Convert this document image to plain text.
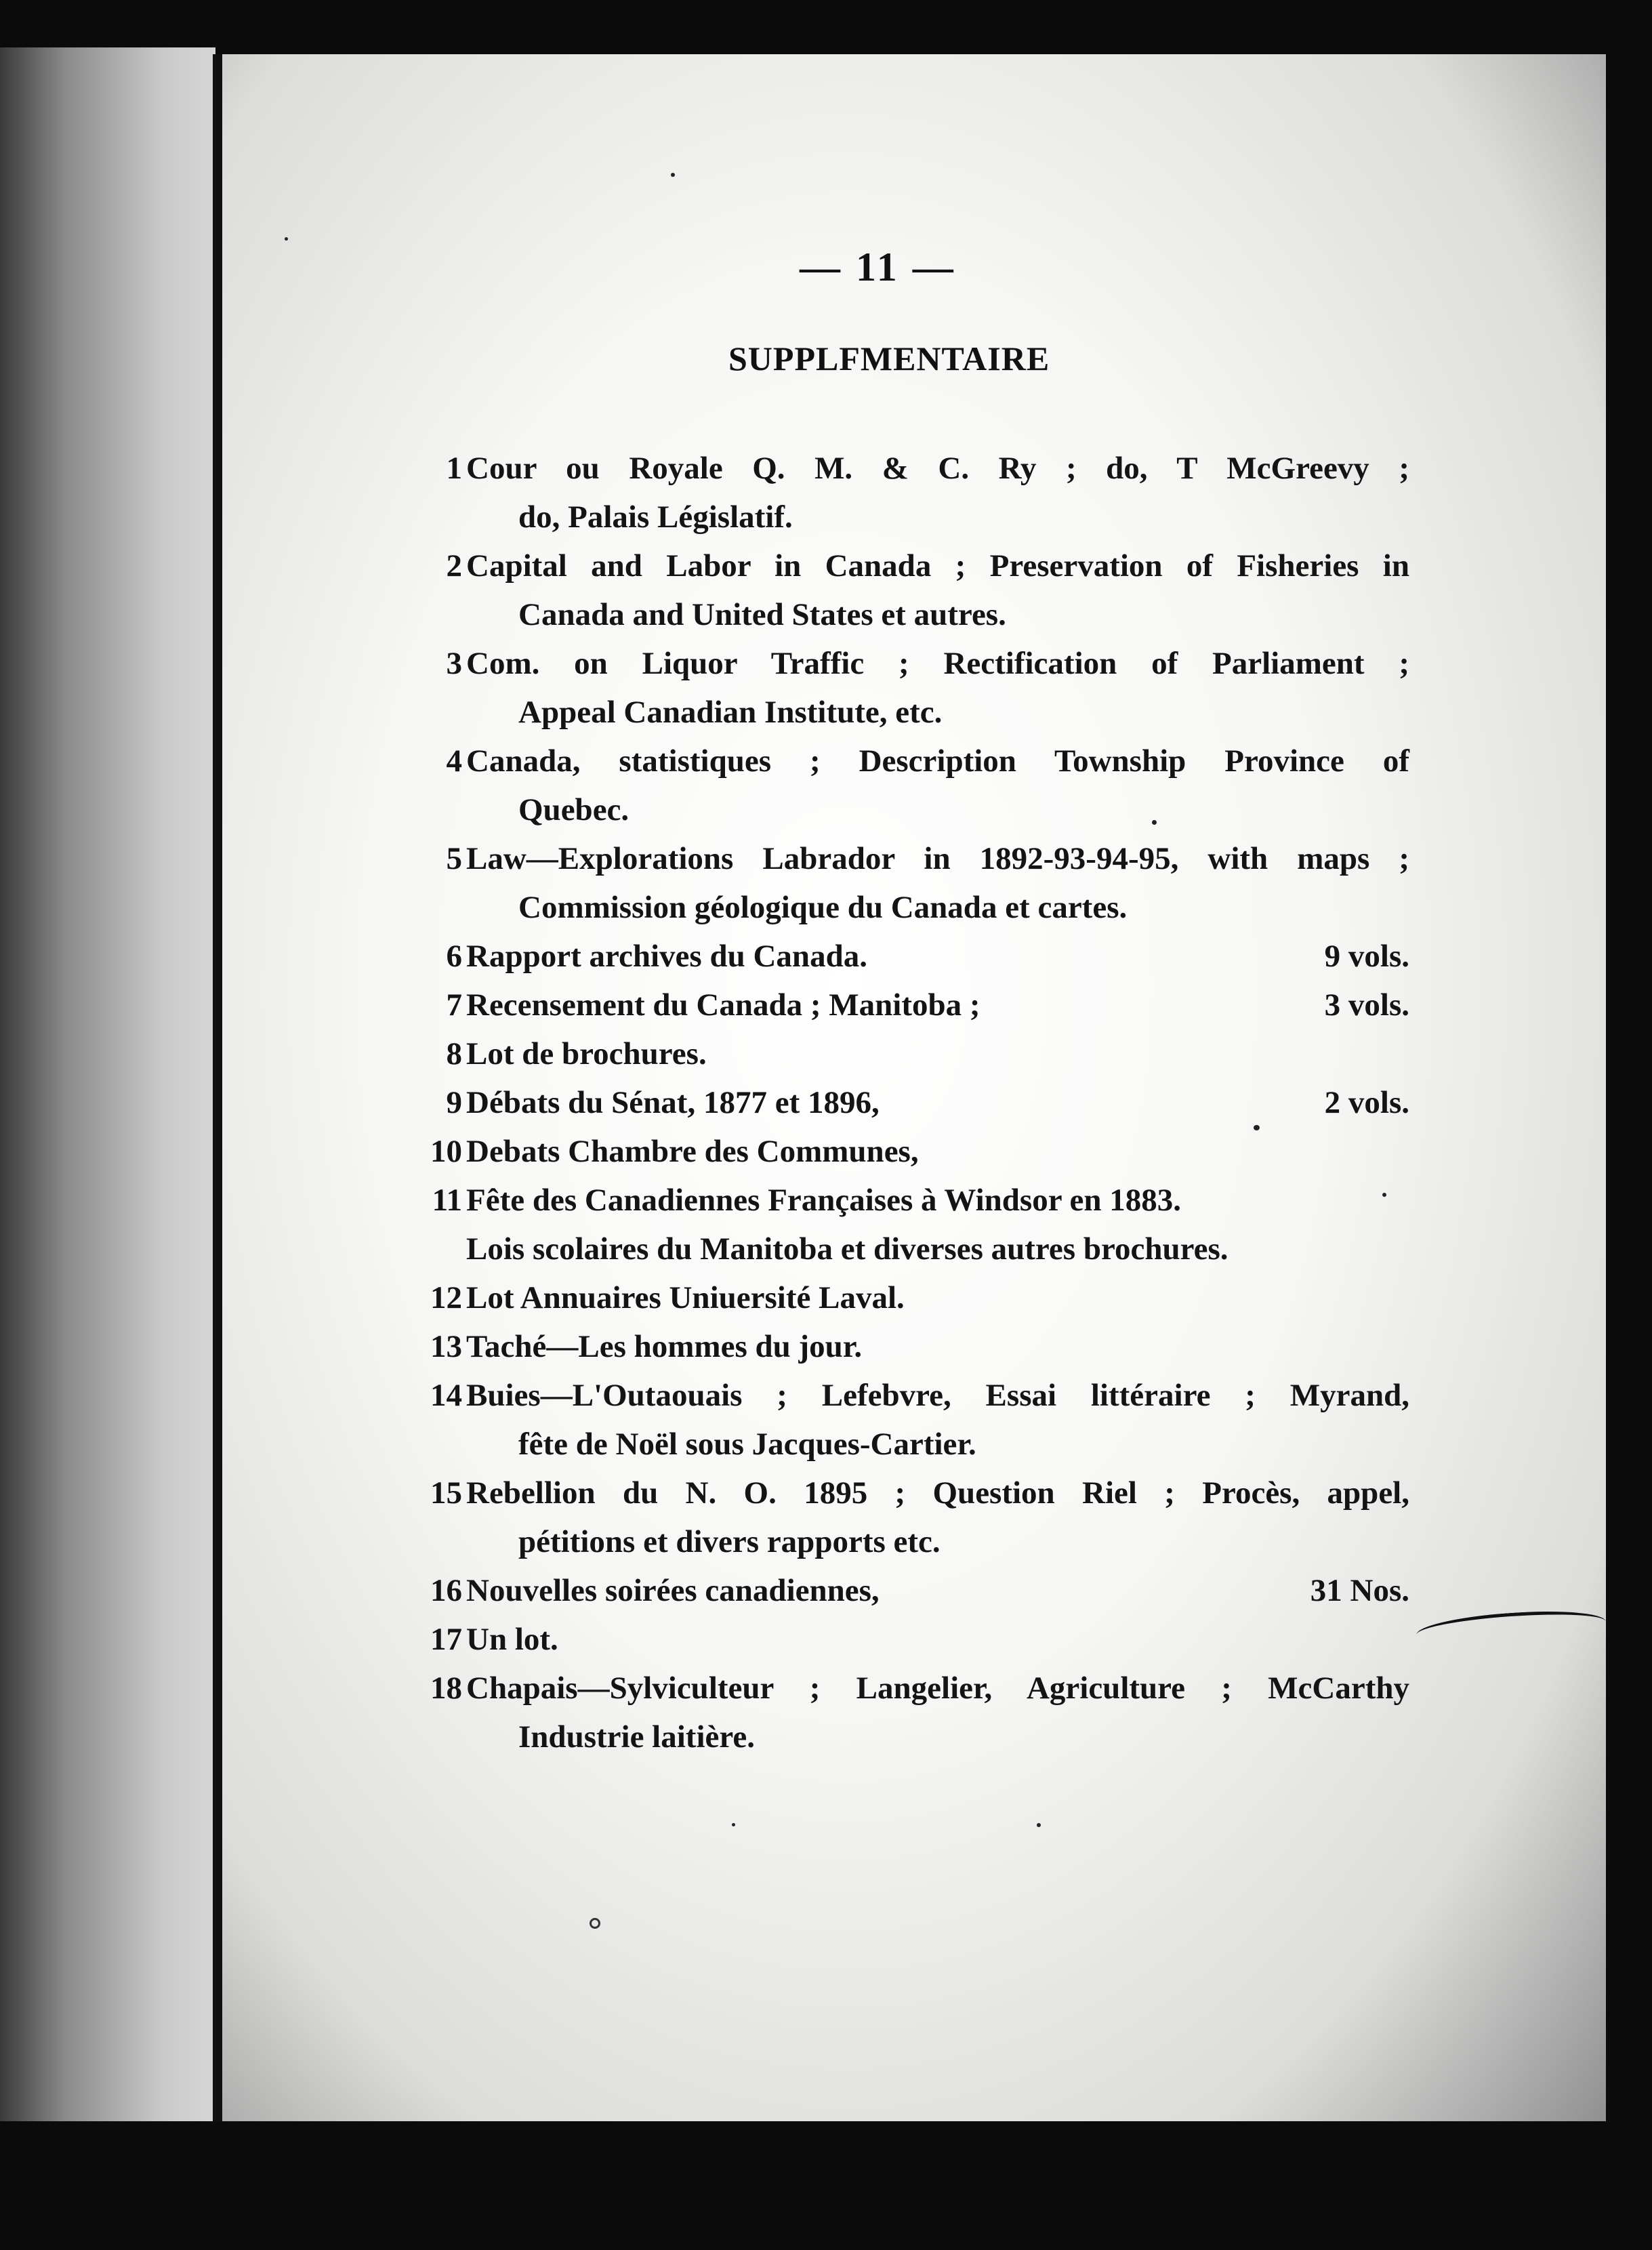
— 11 —
SUPPLFMENTAIRE
1 Cour ou Royale Q. M. & C. Ry ; do, T McGreevy ;
do, Palais Législatif.
2 Capital and Labor in Canada ; Preservation of Fisheries in
Canada and United States et autres.
3 Com. on Liquor Traffic ; Rectification of Parliament ;
Appeal Canadian Institute, etc.
4 Canada, statistiques ; Description Township Province of
Quebec.
5 Law—Explorations Labrador in 1892-93-94-95, with maps ;
Commission géologique du Canada et cartes.
6 Rapport archives du Canada.	9 vols.
7 Recensement du Canada ; Manitoba ;	3 vols.
8 Lot de brochures.
9 Débats du Sénat, 1877 et 1896,	2 vols.
10 Debats Chambre des Communes,
11 Fête des Canadiennes Françaises à Windsor en 1883.
Lois scolaires du Manitoba et diverses autres brochures.
12 Lot Annuaires Uniuersité Laval.
13 Taché—Les hommes du jour.
14 Buies—L'Outaouais ; Lefebvre, Essai littéraire ; Myrand,
fête de Noël sous Jacques-Cartier.
15 Rebellion du N. O. 1895 ; Question Riel ; Procès, appel,
pétitions et divers rapports etc.
16 Nouvelles soirées canadiennes,	31 Nos.
17 Un lot.
18 Chapais—Sylviculteur ; Langelier, Agriculture ; McCarthy
Industrie laitière.
